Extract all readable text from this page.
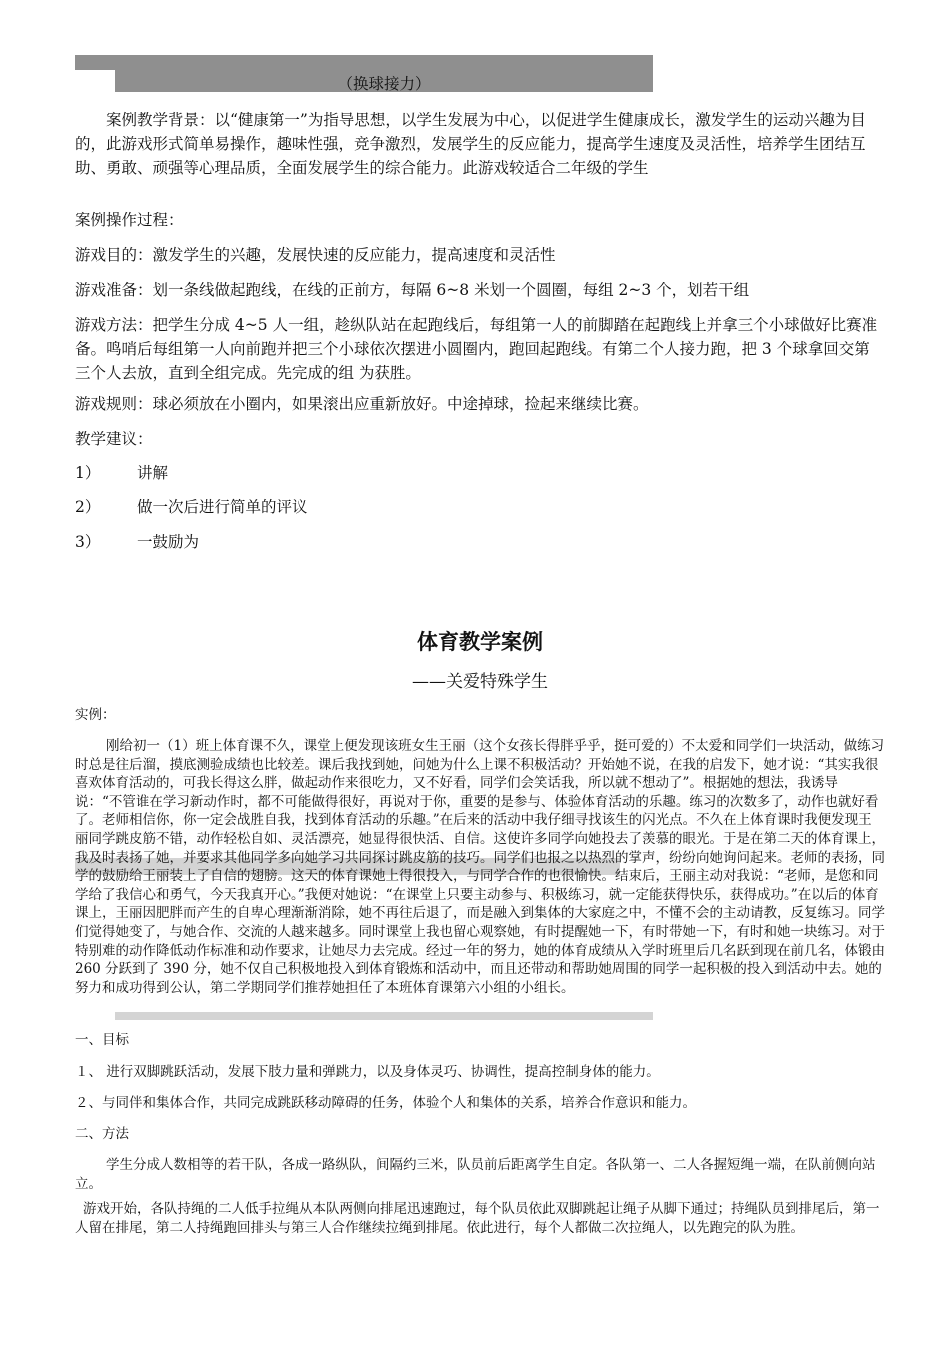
（换球接力）

案例教学背景：以“健康第一”为指导思想，以学生发展为中心，以促进学生健康成长，激发学生的运动兴趣为目的，此游戏形式简单易操作，趣味性强，竞争激烈，发展学生的反应能力，提高学生速度及灵活性，培养学生团结互助、勇敢、顽强等心理品质，全面发展学生的综合能力。此游戏较适合二年级的学生

案例操作过程：

游戏目的：激发学生的兴趣，发展快速的反应能力，提高速度和灵活性

游戏准备：划一条线做起跑线，在线的正前方，每隔 6~8 米划一个圆圈，每组 2~3 个，划若干组

游戏方法：把学生分成 4~5 人一组，趁纵队站在起跑线后，每组第一人的前脚踏在起跑线上并拿三个小球做好比赛准备。鸣哨后每组第一人向前跑并把三个小球依次摆进小圆圈内，跑回起跑线。有第二个人接力跑，把 3 个球拿回交第三个人去放，直到全组完成。先完成的组 为获胜。

游戏规则：球必须放在小圈内，如果滚出应重新放好。中途掉球，捡起来继续比赛。

教学建议：

1） 讲解
2） 做一次后进行简单的评议
3） 一鼓励为
体育教学案例

——关爱特殊学生

实例：

刚给初一（1）班上体育课不久，课堂上便发现该班女生王丽（这个女孩长得胖乎乎，挺可爱的）不太爱和同学们一块活动，做练习时总是往后溜，摸底测验成绩也比较差。课后我找到她，问她为什么上课不积极活动？开始她不说，在我的启发下，她才说：“其实我很喜欢体育活动的，可我长得这么胖，做起动作来很吃力，又不好看，同学们会笑话我，所以就不想动了”。根据她的想法，我诱导说：“不管谁在学习新动作时，都不可能做得很好，再说对于你，重要的是参与、体验体育活动的乐趣。练习的次数多了，动作也就好看了。老师相信你，你一定会战胜自我，找到体育活动的乐趣。”在后来的活动中我仔细寻找该生的闪光点。不久在上体育课时我便发现王丽同学跳皮筋不错，动作轻松自如、灵活漂亮，她显得很快活、自信。这使许多同学向她投去了羡慕的眼光。于是在第二天的体育课上，我及时表扬了她，并要求其他同学多向她学习共同探讨跳皮筋的技巧。同学们也报之以热烈的掌声，纷纷向她询问起来。老师的表扬，同学的鼓励给王丽装上了自信的翅膀。这天的体育课她上得很投入，与同学合作的也很愉快。结束后，王丽主动对我说：“老师，是您和同学给了我信心和勇气，今天我真开心。”我便对她说：“在课堂上只要主动参与、积极练习，就一定能获得快乐，获得成功。”在以后的体育课上，王丽因肥胖而产生的自卑心理渐渐消除，她不再往后退了，而是融入到集体的大家庭之中，不懂不会的主动请教，反复练习。同学们觉得她变了，与她合作、交流的人越来越多。同时课堂上我也留心观察她，有时提醒她一下，有时带她一下，有时和她一块练习。对于特别难的动作降低动作标准和动作要求，让她尽力去完成。经过一年的努力，她的体育成绩从入学时班里后几名跃到现在前几名，体锻由 260 分跃到了 390 分，她不仅自己积极地投入到体育锻炼和活动中，而且还带动和帮助她周围的同学一起积极的投入到活动中去。她的努力和成功得到公认，第二学期同学们推荐她担任了本班体育课第六小组的小组长。

一、目标

１、 进行双脚跳跃活动，发展下肢力量和弹跳力，以及身体灵巧、协调性，提高控制身体的能力。

２、与同伴和集体合作，共同完成跳跃移动障碍的任务，体验个人和集体的关系，培养合作意识和能力。

二、方法

学生分成人数相等的若干队，各成一路纵队，间隔约三米，队员前后距离学生自定。各队第一、二人各握短绳一端，在队前侧向站立。

游戏开始，各队持绳的二人低手拉绳从本队两侧向排尾迅速跑过，每个队员依此双脚跳起让绳子从脚下通过；持绳队员到排尾后，第一人留在排尾，第二人持绳跑回排头与第三人合作继续拉绳到排尾。依此进行，每个人都做二次拉绳人，以先跑完的队为胜。
